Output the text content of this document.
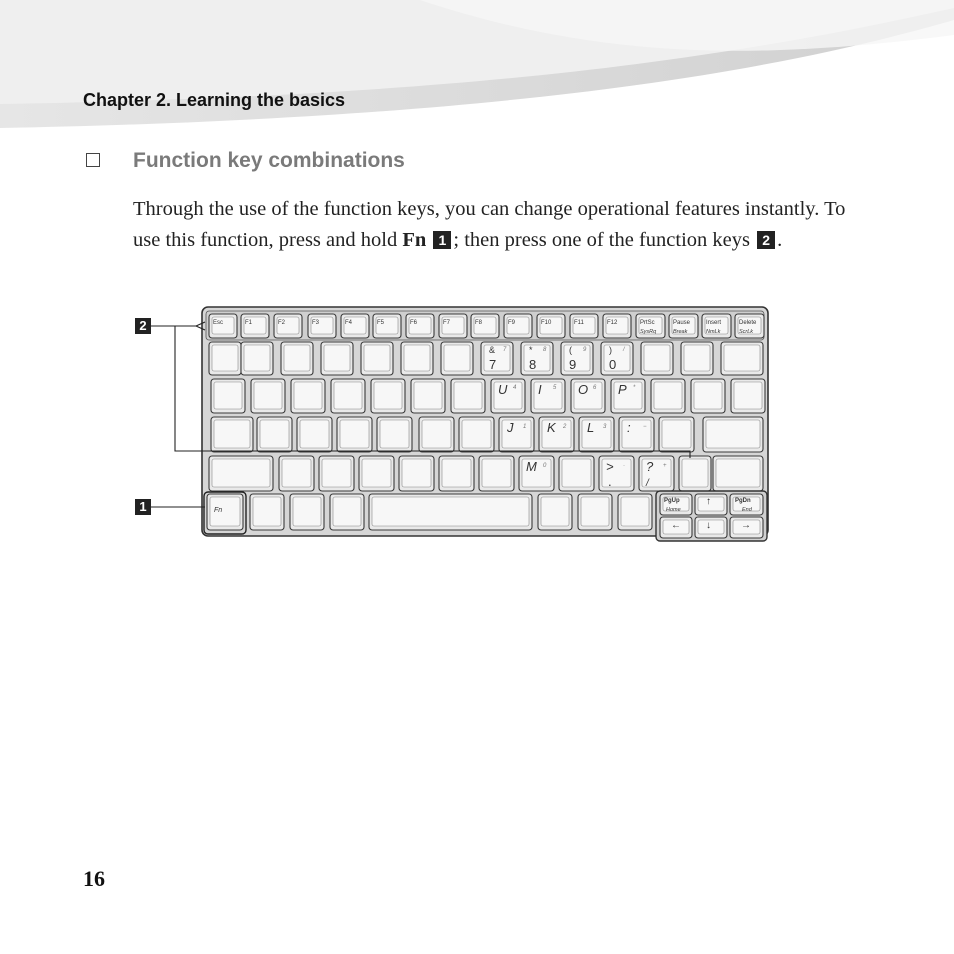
Chapter 2. Learning the basics
Function key combinations
Through the use of the function keys, you can change operational features instantly. To use this function, press and hold Fn 1 ; then press one of the function keys 2 .
2
1
Esc	F1	F2	F3	F4	F5	F6	F7	F8	F9	F10	F11	F12	PrtSc
SysRq
Pause
Break
Insert
NmLk
Delete
ScrLk
&
7
7	*
8
8	(
9
9	)
0
/
U 4 I 5 O 6 P *
J 1 K 2 L 3 : −
M 0	> · ? +
.	/
Fn
PgUp
Home
↑	PgDn
End
←	↓	→
16
